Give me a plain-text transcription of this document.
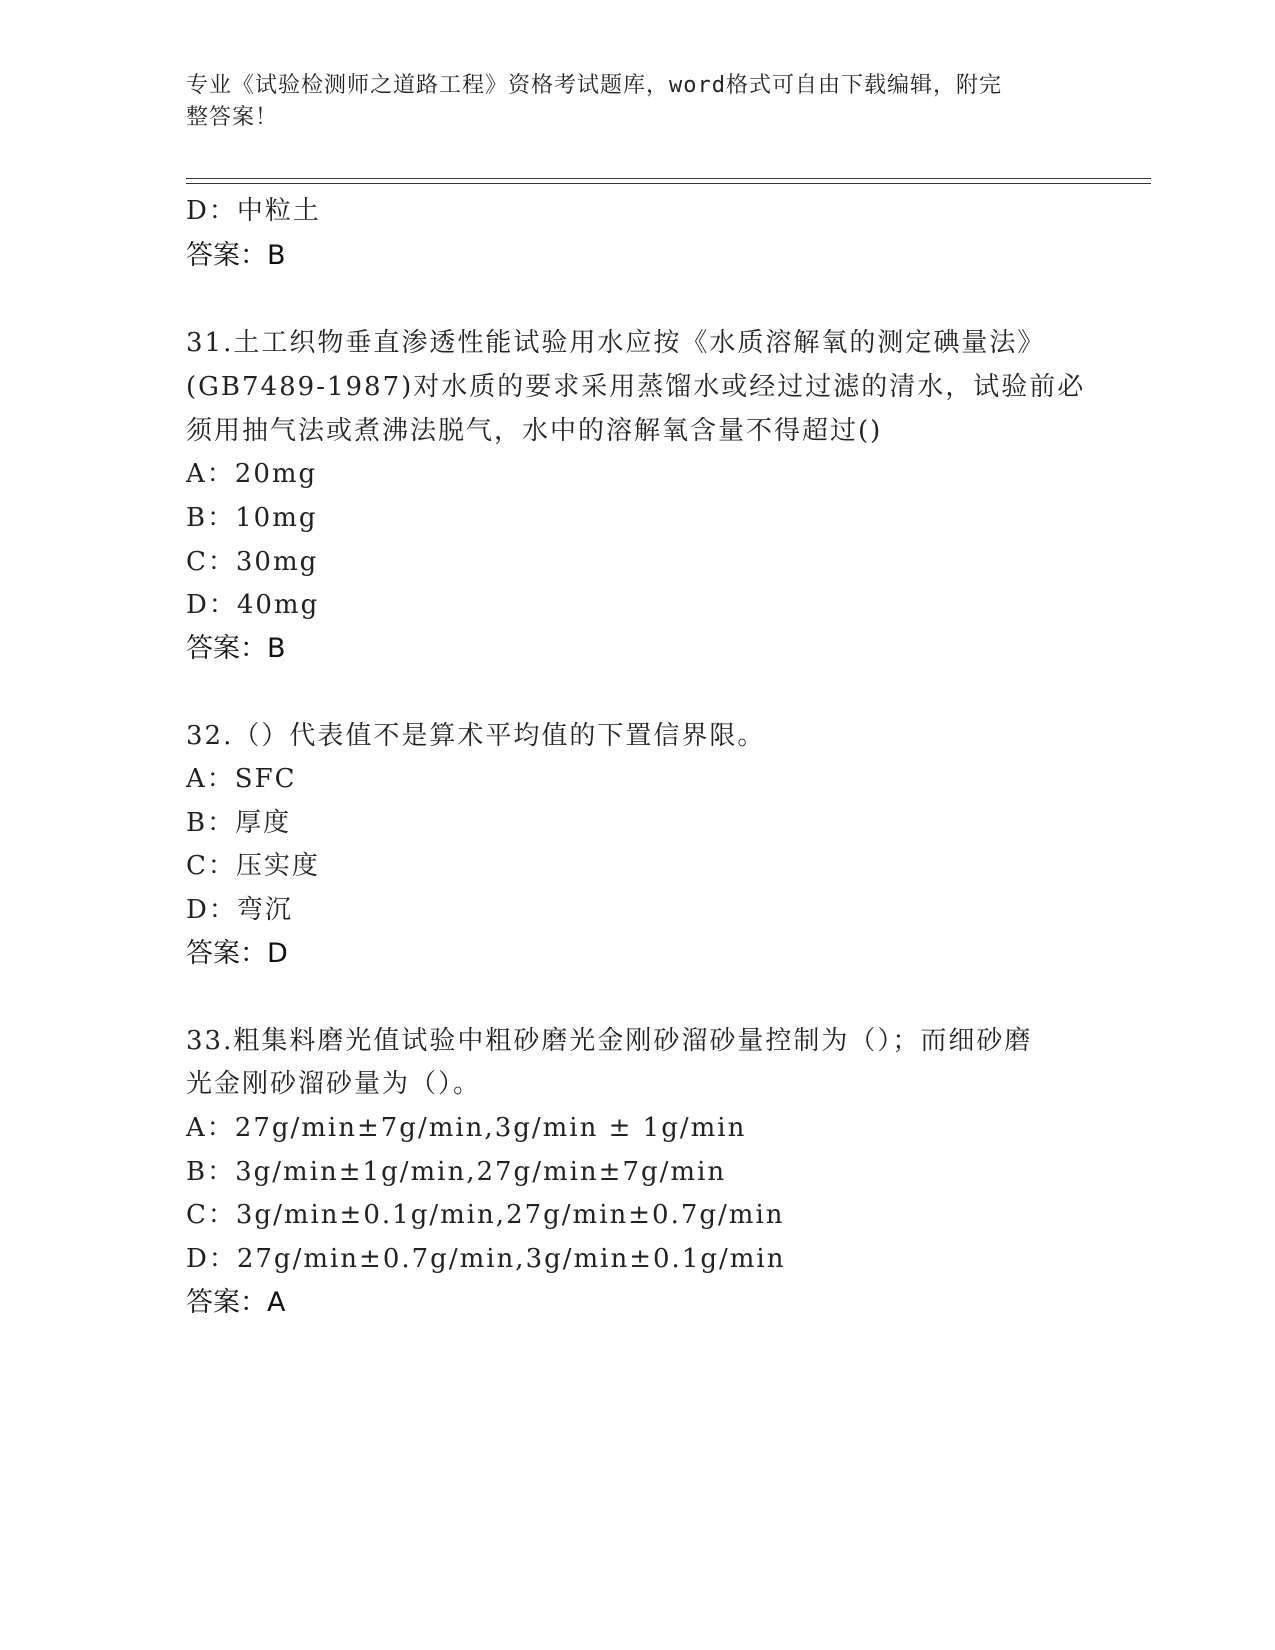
专业《试验检测师之道路工程》资格考试题库，word格式可自由下载编辑，附完
整答案！
D：中粒土
答案：B
31.土工织物垂直渗透性能试验用水应按《水质溶解氧的测定碘量法》
(GB7489-1987)对水质的要求采用蒸馏水或经过过滤的清水，试验前必
须用抽气法或煮沸法脱气，水中的溶解氧含量不得超过()
A：20mg
B：10mg
C：30mg
D：40mg
答案：B
32.（）代表值不是算术平均值的下置信界限。
A：SFC
B：厚度
C：压实度
D：弯沉
答案：D
33.粗集料磨光值试验中粗砂磨光金刚砂溜砂量控制为（）；而细砂磨
光金刚砂溜砂量为（）。
A：27g/min±7g/min,3g/min ± 1g/min
B：3g/min±1g/min,27g/min±7g/min
C：3g/min±0.1g/min,27g/min±0.7g/min
D：27g/min±0.7g/min,3g/min±0.1g/min
答案：A
